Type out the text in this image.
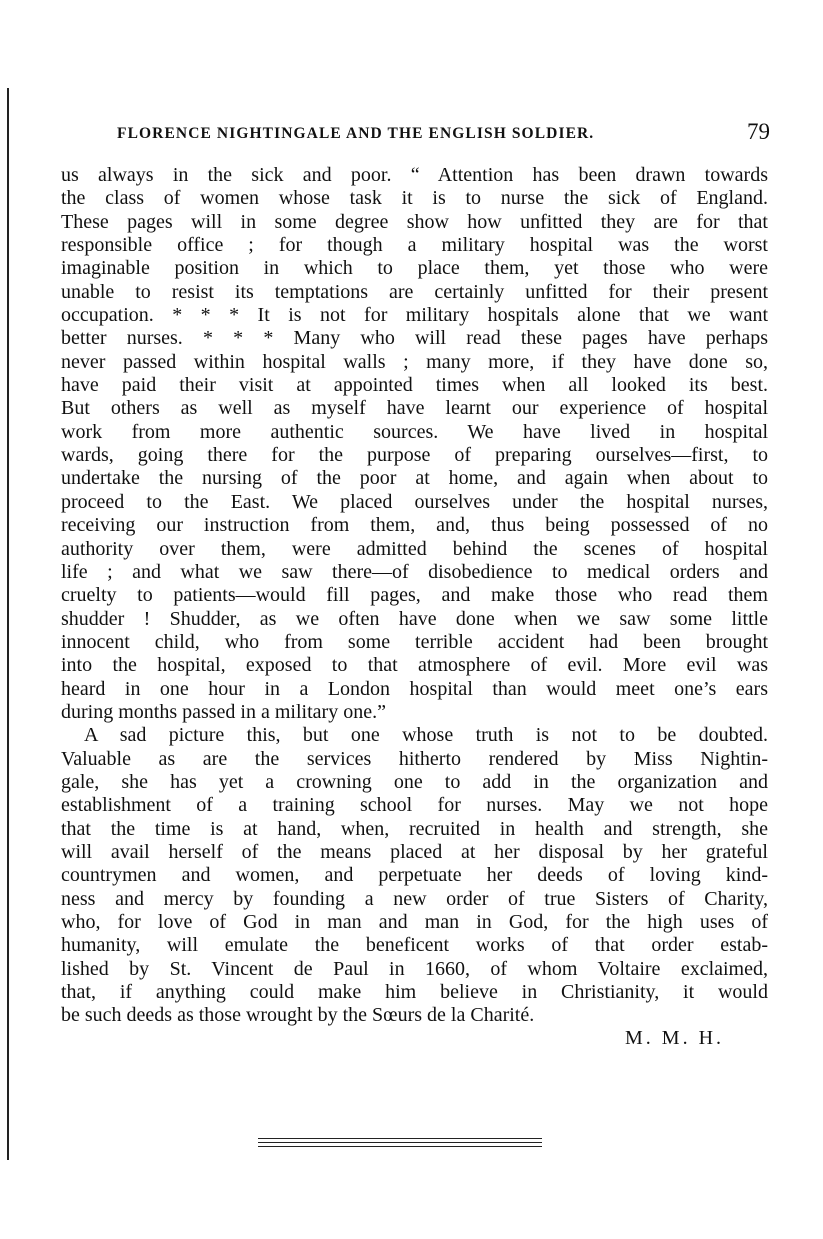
FLORENCE NIGHTINGALE AND THE ENGLISH SOLDIER.	79
us always in the sick and poor. “ Attention has been drawn towards
the class of women whose task it is to nurse the sick of England.
These pages will in some degree show how unfitted they are for that
responsible office ; for though a military hospital was the worst
imaginable position in which to place them, yet those who were
unable to resist its temptations are certainly unfitted for their present
occupation. * * * It is not for military hospitals alone that we want
better nurses. * * * Many who will read these pages have perhaps
never passed within hospital walls ; many more, if they have done so,
have paid their visit at appointed times when all looked its best.
But others as well as myself have learnt our experience of hospital
work from more authentic sources. We have lived in hospital
wards, going there for the purpose of preparing ourselves—first, to
undertake the nursing of the poor at home, and again when about to
proceed to the East. We placed ourselves under the hospital nurses,
receiving our instruction from them, and, thus being possessed of no
authority over them, were admitted behind the scenes of hospital
life ; and what we saw there—of disobedience to medical orders and
cruelty to patients—would fill pages, and make those who read them
shudder ! Shudder, as we often have done when we saw some little
innocent child, who from some terrible accident had been brought
into the hospital, exposed to that atmosphere of evil. More evil was
heard in one hour in a London hospital than would meet one’s ears
during months passed in a military one.”
A sad picture this, but one whose truth is not to be doubted.
Valuable as are the services hitherto rendered by Miss Nightin-
gale, she has yet a crowning one to add in the organization and
establishment of a training school for nurses. May we not hope
that the time is at hand, when, recruited in health and strength, she
will avail herself of the means placed at her disposal by her grateful
countrymen and women, and perpetuate her deeds of loving kind-
ness and mercy by founding a new order of true Sisters of Charity,
who, for love of God in man and man in God, for the high uses of
humanity, will emulate the beneficent works of that order estab-
lished by St. Vincent de Paul in 1660, of whom Voltaire exclaimed,
that, if anything could make him believe in Christianity, it would
be such deeds as those wrought by the Sœurs de la Charité.
M. M. H.
